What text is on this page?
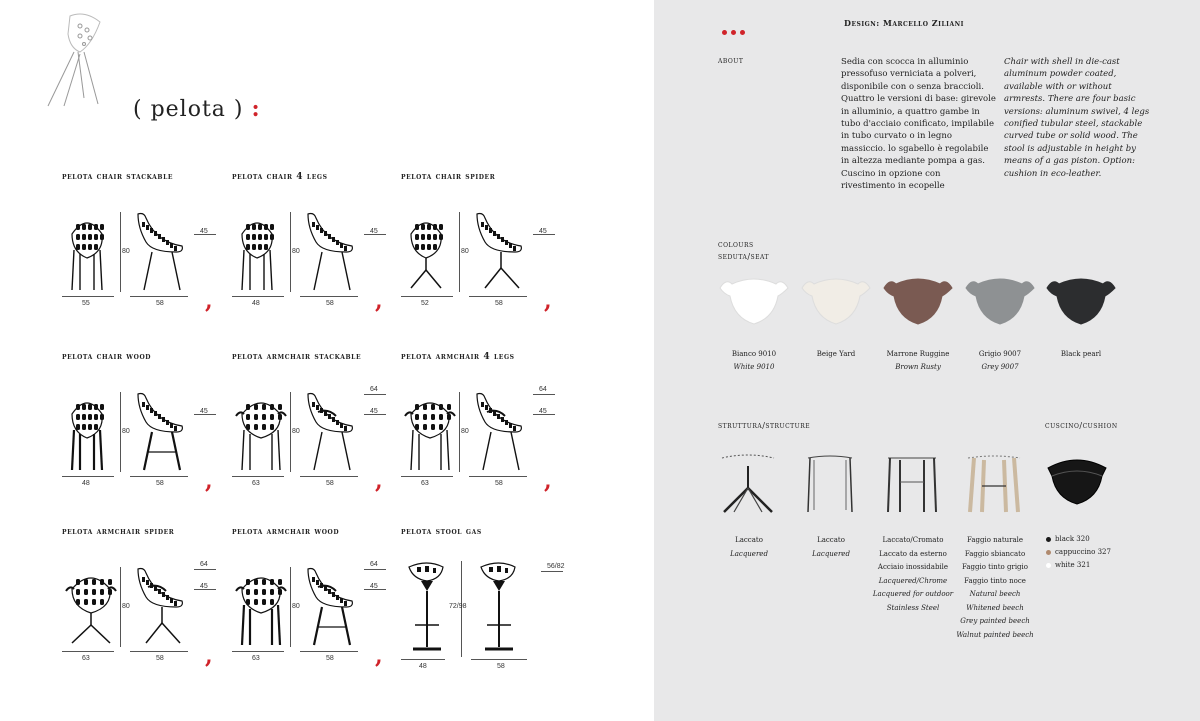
( pelota ) :
pelota chair stackable
80
45
55	58 ,
pelota chair 4 legs
80
45
48	58 ,
pelota chair spider
80
45
52	58 ,
pelota chair wood
80
45
48	58 ,
pelota armchair stackable
80
45
64
63	58 ,
pelota armchair 4 legs
80
45
64
63	58 ,
pelota armchair spider
80
45
64
63	58 ,
pelota armchair wood
80
45
64
63	58 ,
pelota stool gas
72/98
56/82
48	58
Design: Marcello Ziliani
about	Sedia con scocca in alluminio pressofuso verniciata a polveri, disponibile con o senza braccioli. Quattro le versioni di base: girevole in alluminio, a quattro gambe in tubo d'acciaio conificato, impilabile in tubo curvato o in legno massiccio. lo sgabello è regolabile in altezza mediante pompa a gas. Cuscino in opzione con rivestimento in ecopelle
Chair with shell in die-cast aluminum powder coated, available with or without armrests. There are four basic versions: aluminum swivel, 4 legs conified tubular steel, stackable curved tube or solid wood. The stool is adjustable in height by means of a gas piston. Option: cushion in eco-leather.
colours
seduta/seat
Bianco 9010
White 9010
Beige Yard	Marrone Ruggine
Brown Rusty
Grigio 9007
Grey 9007
Black pearl

struttura/structure	cuscino/cushion
Laccato
Lacquered

Laccato
Lacquered

Laccato/Cromato
Laccato da esterno
Acciaio inossidabile
Lacquered/Chrome
Lacquered for outdoor
Stainless Steel

Faggio naturale
Faggio sbiancato
Faggio tinto grigio
Faggio tinto noce
Natural beech
Whitened beech
Grey painted beech
Walnut painted beech

black 320
cappuccino 327
white 321
